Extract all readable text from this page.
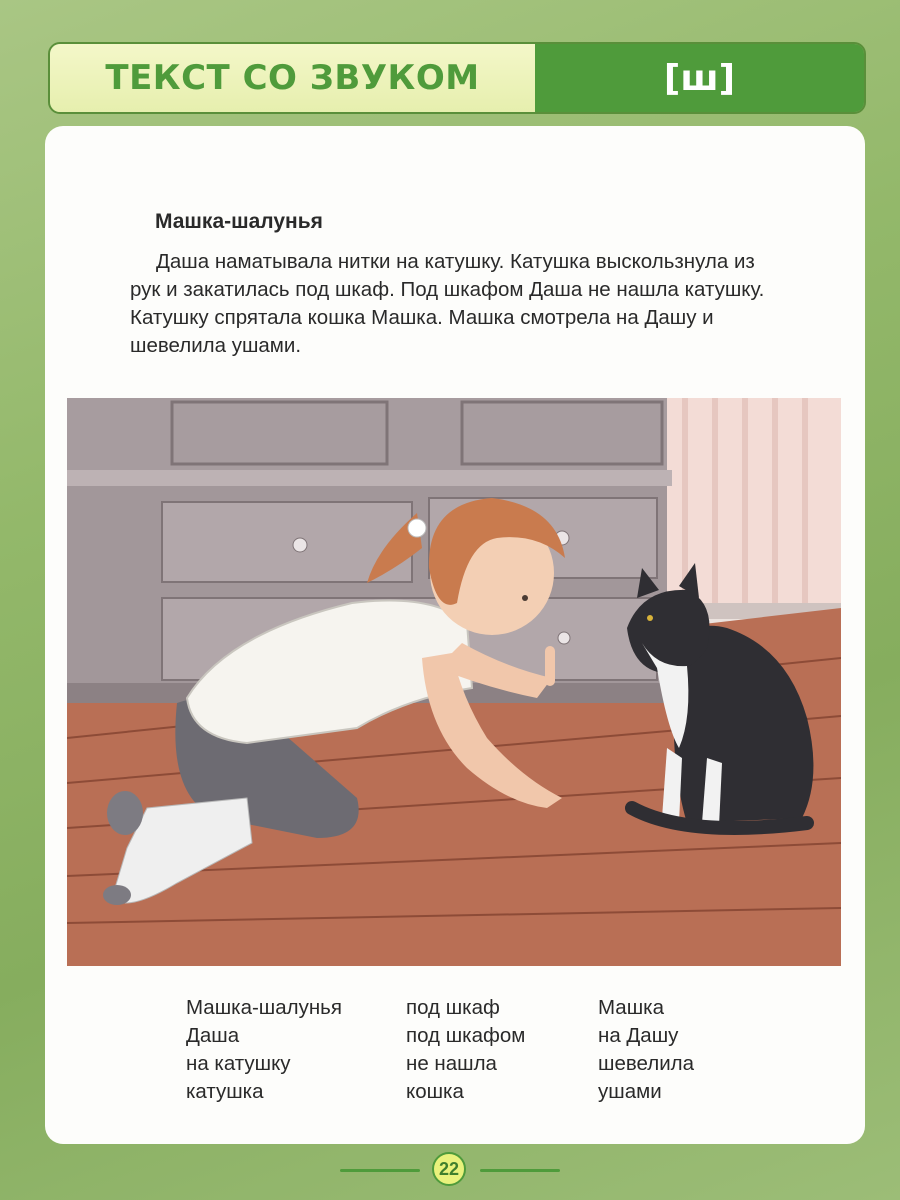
ТЕКСТ СО ЗВУКОМ	[ш]
Машка-шалунья
Даша наматывала нитки на катушку. Катушка выскользнула из рук и закатилась под шкаф. Под шкафом Даша не нашла катушку. Катушку спрятала кошка Машка. Машка смотрела на Дашу и шевелила ушами.
Машка-шалунья
Даша
на катушку
катушка
под шкаф
под шкафом
не нашла
кошка
Машка
на Дашу
шевелила
ушами
22
